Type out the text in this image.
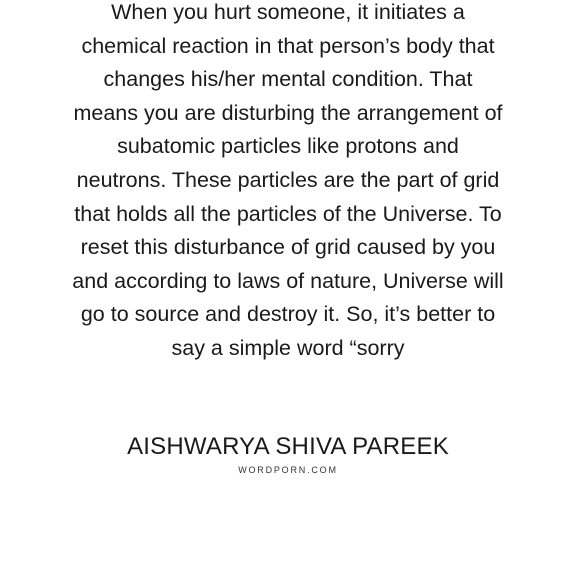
When you hurt someone, it initiates a
chemical reaction in that person’s body that
changes his/her mental condition. That
means you are disturbing the arrangement of
subatomic particles like protons and
neutrons. These particles are the part of grid
that holds all the particles of the Universe. To
reset this disturbance of grid caused by you
and according to laws of nature, Universe will
go to source and destroy it. So, it’s better to
say a simple word “sorry
AISHWARYA SHIVA PAREEK
WORDPORN.COM
